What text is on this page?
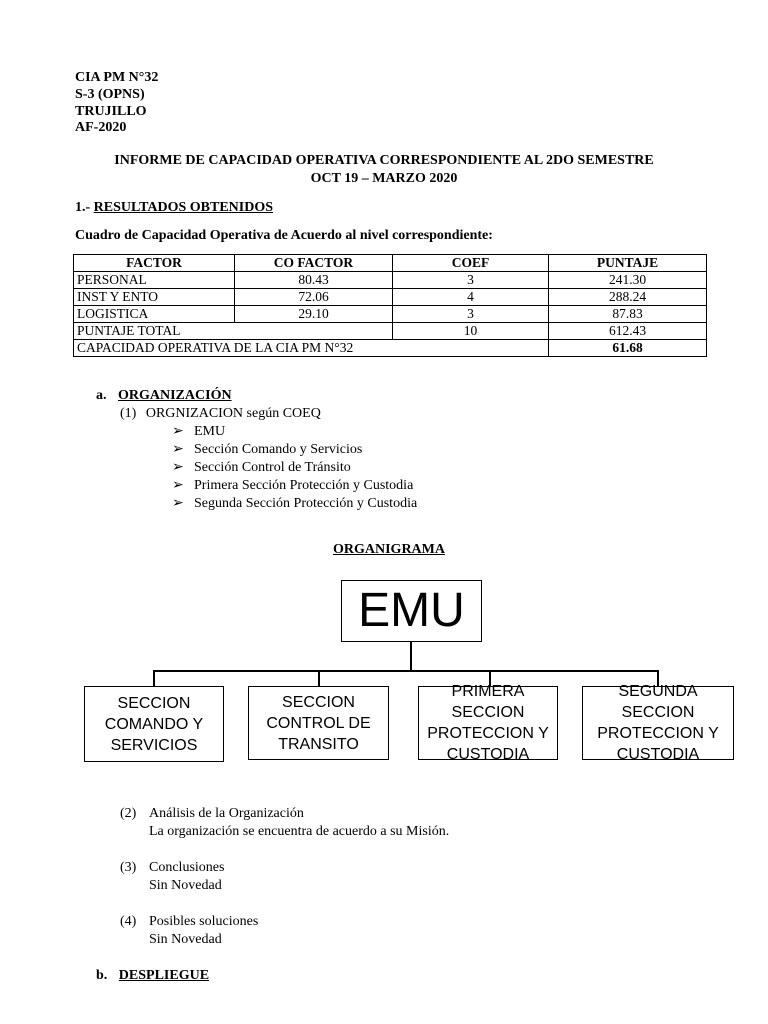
CIA PM N°32
S-3 (OPNS)
TRUJILLO
AF-2020
INFORME DE CAPACIDAD OPERATIVA CORRESPONDIENTE AL 2DO SEMESTRE
OCT 19 – MARZO 2020
1.- RESULTADOS OBTENIDOS
Cuadro de Capacidad Operativa de Acuerdo al nivel correspondiente:
FACTOR	CO FACTOR	COEF	PUNTAJE
PERSONAL	80.43	3	241.30
INST Y ENTO	72.06	4	288.24
LOGISTICA	29.10	3	87.83
PUNTAJE TOTAL		10	612.43
CAPACIDAD OPERATIVA DE LA CIA PM N°32			61.68
a. ORGANIZACIÓN
(1) ORGNIZACION según COEQ
➢ EMU
➢ Sección Comando y Servicios
➢ Sección Control de Tránsito
➢ Primera Sección Protección y Custodia
➢ Segunda Sección Protección y Custodia
ORGANIGRAMA
EMU
SECCION
COMANDO Y
SERVICIOS
SECCION
CONTROL DE
TRANSITO
PRIMERA SECCION
PROTECCION Y
CUSTODIA
SEGUNDA SECCION
PROTECCION Y
CUSTODIA
(2) Análisis de la Organización
La organización se encuentra de acuerdo a su Misión.
(3) Conclusiones
Sin Novedad
(4) Posibles soluciones
Sin Novedad
b. DESPLIEGUE
